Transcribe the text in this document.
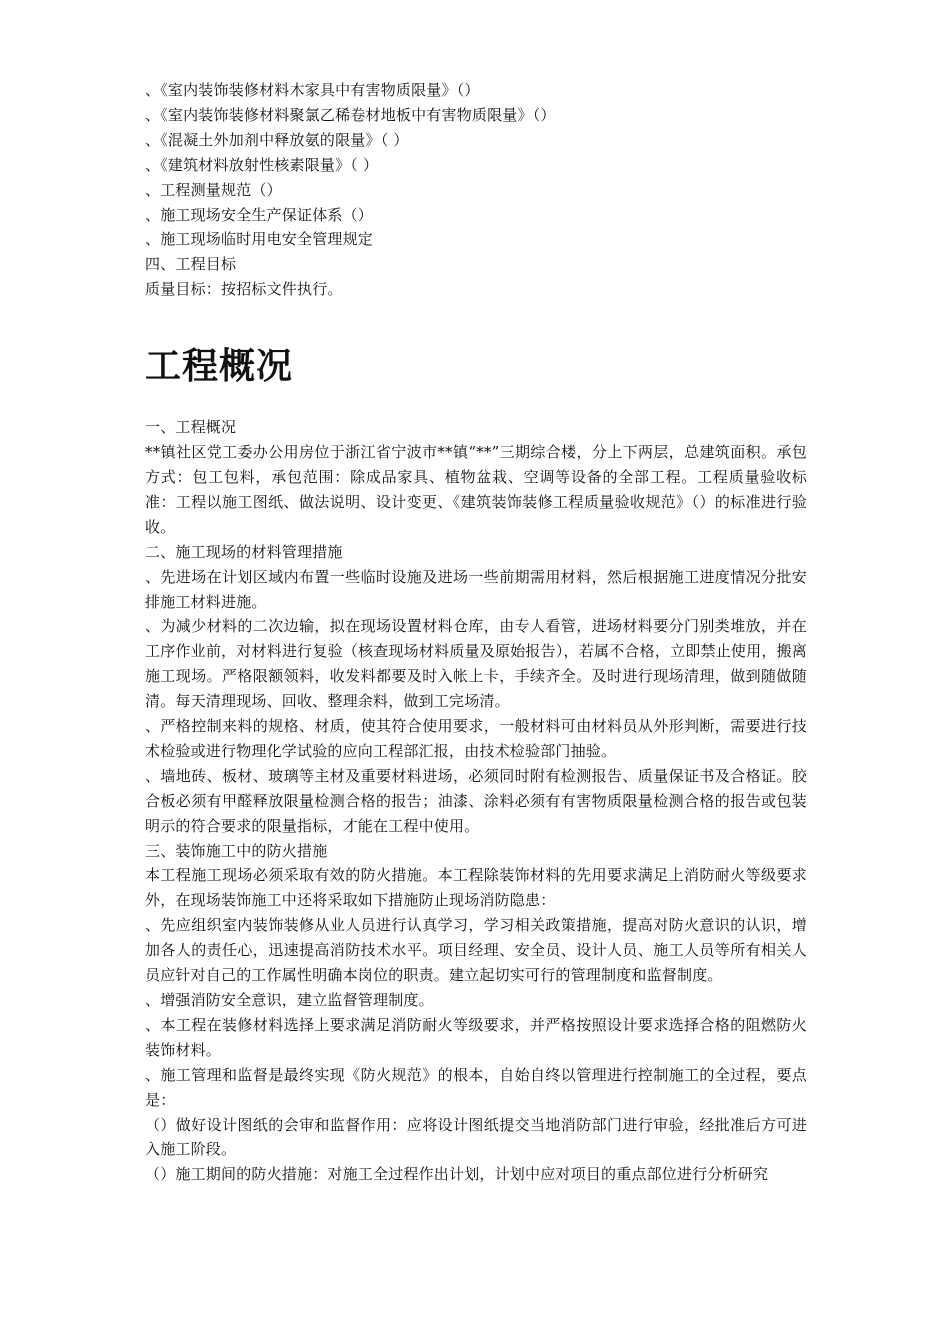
、《室内装饰装修材料木家具中有害物质限量》（）
、《室内装饰装修材料聚氯乙稀卷材地板中有害物质限量》（）
、《混凝土外加剂中释放氨的限量》（ ）
、《建筑材料放射性核素限量》（ ）
、工程测量规范（）
、施工现场安全生产保证体系（）
、施工现场临时用电安全管理规定
四、工程目标
质量目标：按招标文件执行。
工程概况
一、工程概况
**镇社区党工委办公用房位于浙江省宁波市**镇“**”三期综合楼，分上下两层，总建筑面积。承包方式：包工包料，承包范围：除成品家具、植物盆栽、空调等设备的全部工程。工程质量验收标准：工程以施工图纸、做法说明、设计变更、《建筑装饰装修工程质量验收规范》（）的标准进行验收。
二、施工现场的材料管理措施
、先进场在计划区域内布置一些临时设施及进场一些前期需用材料，然后根据施工进度情况分批安排施工材料进施。
、为减少材料的二次边输，拟在现场设置材料仓库，由专人看管，进场材料要分门别类堆放，并在工序作业前，对材料进行复验（核查现场材料质量及原始报告），若属不合格，立即禁止使用，搬离施工现场。严格限额领料，收发料都要及时入帐上卡，手续齐全。及时进行现场清理，做到随做随清。每天清理现场、回收、整理余料，做到工完场清。
、严格控制来料的规格、材质，使其符合使用要求，一般材料可由材料员从外形判断，需要进行技术检验或进行物理化学试验的应向工程部汇报，由技术检验部门抽验。
、墙地砖、板材、玻璃等主材及重要材料进场，必须同时附有检测报告、质量保证书及合格证。胶合板必须有甲醛释放限量检测合格的报告；油漆、涂料必须有有害物质限量检测合格的报告或包装明示的符合要求的限量指标，才能在工程中使用。
三、装饰施工中的防火措施
本工程施工现场必须采取有效的防火措施。本工程除装饰材料的先用要求满足上消防耐火等级要求外，在现场装饰施工中还将采取如下措施防止现场消防隐患：
、先应组织室内装饰装修从业人员进行认真学习，学习相关政策措施，提高对防火意识的认识，增加各人的责任心，迅速提高消防技术水平。项目经理、安全员、设计人员、施工人员等所有相关人员应针对自己的工作属性明确本岗位的职责。建立起切实可行的管理制度和监督制度。
、增强消防安全意识，建立监督管理制度。
、本工程在装修材料选择上要求满足消防耐火等级要求，并严格按照设计要求选择合格的阻燃防火装饰材料。
、施工管理和监督是最终实现《防火规范》的根本，自始自终以管理进行控制施工的全过程，要点是：
（）做好设计图纸的会审和监督作用：应将设计图纸提交当地消防部门进行审验，经批准后方可进入施工阶段。
（）施工期间的防火措施：对施工全过程作出计划，计划中应对项目的重点部位进行分析研究
